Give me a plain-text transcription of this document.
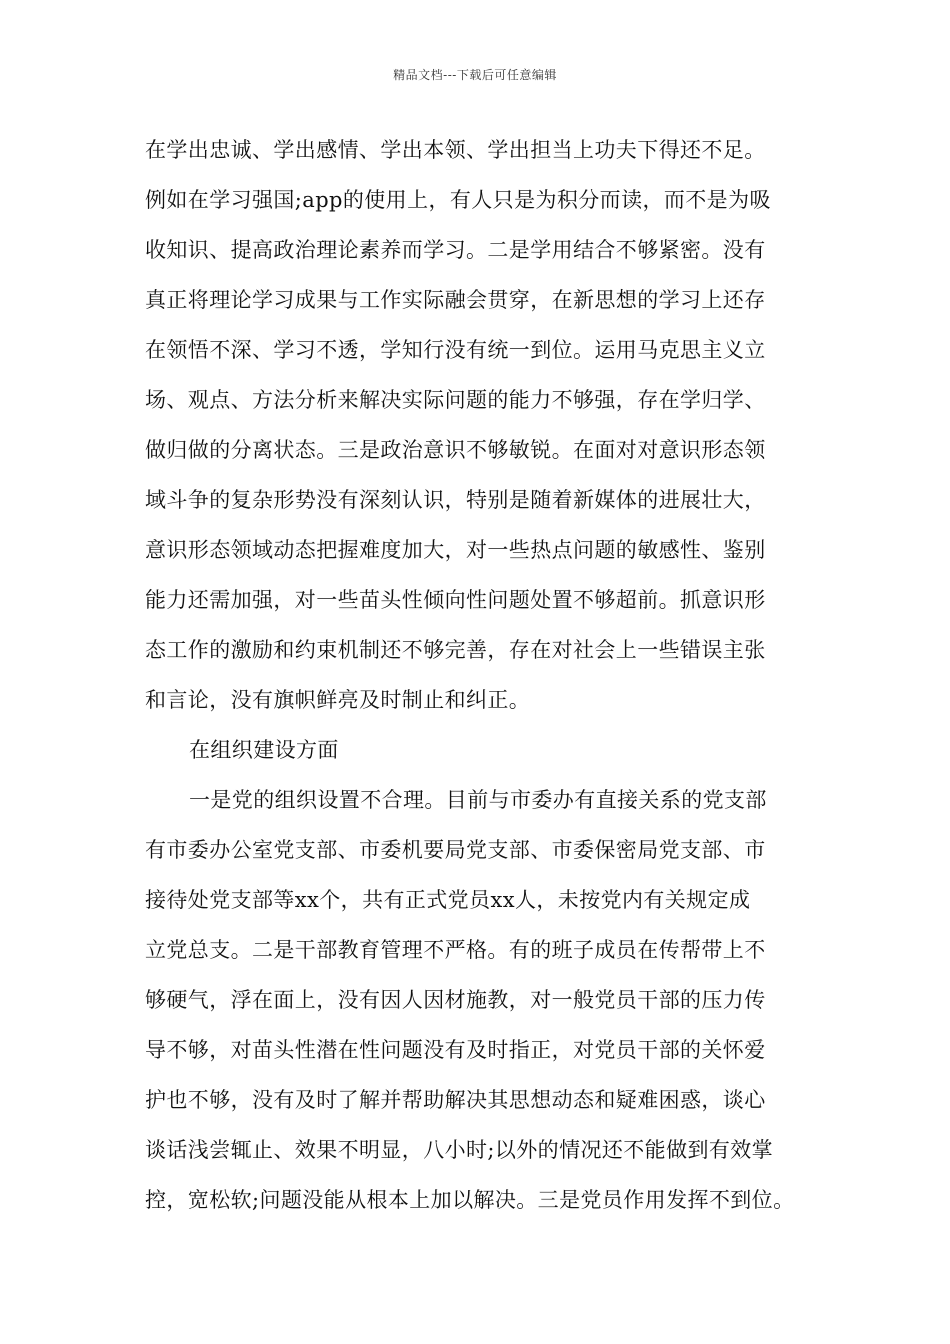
精品文档---下载后可任意编辑
在学出忠诚、学出感情、学出本领、学出担当上功夫下得还不足。
例如在学习强国;app的使用上，有人只是为积分而读，而不是为吸
收知识、提高政治理论素养而学习。二是学用结合不够紧密。没有
真正将理论学习成果与工作实际融会贯穿，在新思想的学习上还存
在领悟不深、学习不透，学知行没有统一到位。运用马克思主义立
场、观点、方法分析来解决实际问题的能力不够强，存在学归学、
做归做的分离状态。三是政治意识不够敏锐。在面对对意识形态领
域斗争的复杂形势没有深刻认识，特别是随着新媒体的进展壮大，
意识形态领域动态把握难度加大，对一些热点问题的敏感性、鉴别
能力还需加强，对一些苗头性倾向性问题处置不够超前。抓意识形
态工作的激励和约束机制还不够完善，存在对社会上一些错误主张
和言论，没有旗帜鲜亮及时制止和纠正。
在组织建设方面
一是党的组织设置不合理。目前与市委办有直接关系的党支部
有市委办公室党支部、市委机要局党支部、市委保密局党支部、市
接待处党支部等xx个，共有正式党员xx人，未按党内有关规定成
立党总支。二是干部教育管理不严格。有的班子成员在传帮带上不
够硬气，浮在面上，没有因人因材施教，对一般党员干部的压力传
导不够，对苗头性潜在性问题没有及时指正，对党员干部的关怀爱
护也不够，没有及时了解并帮助解决其思想动态和疑难困惑，谈心
谈话浅尝辄止、效果不明显，八小时;以外的情况还不能做到有效掌
控，宽松软;问题没能从根本上加以解决。三是党员作用发挥不到位。
